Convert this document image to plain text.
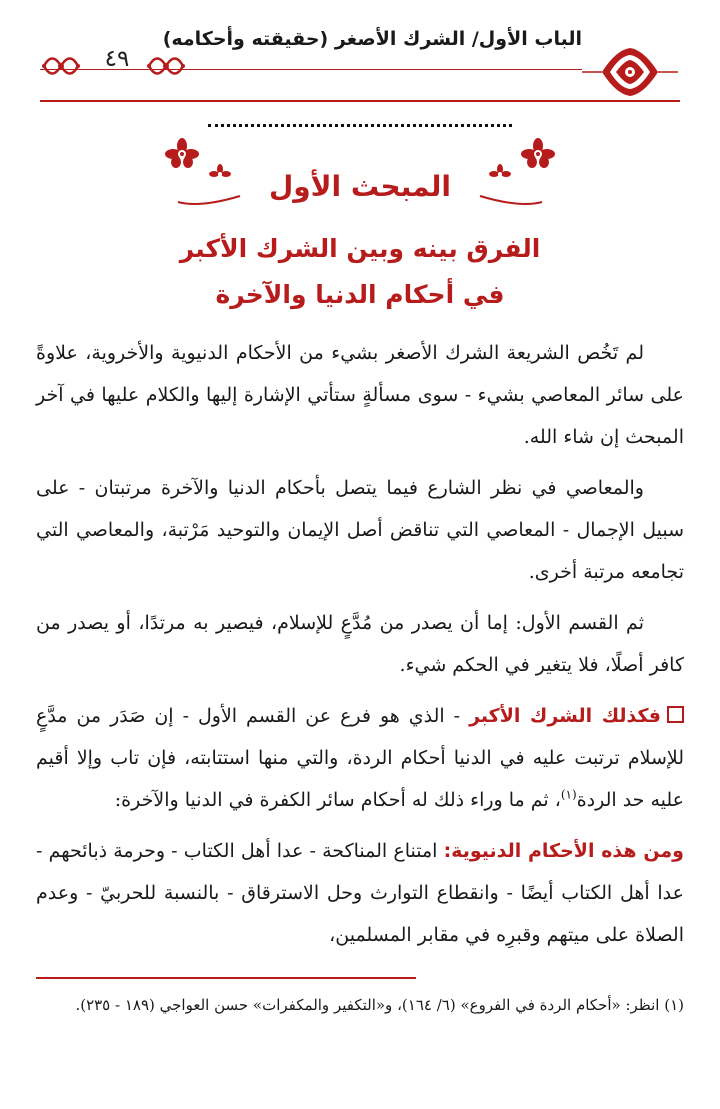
الباب الأول/ الشرك الأصغر (حقيقته وأحكامه)
٤٩
المبحث الأول
الفرق بينه وبين الشرك الأكبر
في أحكام الدنيا والآخرة

لم تَخُص الشريعة الشرك الأصغر بشيء من الأحكام الدنيوية والأخروية، علاوةً على سائر المعاصي بشيء - سوى مسألةٍ ستأتي الإشارة إليها والكلام عليها في آخر المبحث إن شاء الله.

والمعاصي في نظر الشارع فيما يتصل بأحكام الدنيا والآخرة مرتبتان - على سبيل الإجمال - المعاصي التي تناقض أصل الإيمان والتوحيد مَرْتبة، والمعاصي التي تجامعه مرتبة أخرى.

ثم القسم الأول: إما أن يصدر من مُدَّعٍ للإسلام، فيصير به مرتدًا، أو يصدر من كافر أصلًا، فلا يتغير في الحكم شيء.

فكذلك الشرك الأكبر - الذي هو فرع عن القسم الأول - إن صَدَر من مدَّعٍ للإسلام ترتبت عليه في الدنيا أحكام الردة، والتي منها استتابته، فإن تاب وإلا أقيم عليه حد الردة$^{(١)}$، ثم ما وراء ذلك له أحكام سائر الكفرة في الدنيا والآخرة:

ومن هذه الأحكام الدنيوية: امتناع المناكحة - عدا أهل الكتاب - وحرمة ذبائحهم - عدا أهل الكتاب أيضًا - وانقطاع التوارث وحل الاسترقاق - بالنسبة للحربيّ - وعدم الصلاة على ميتهم وقبرِه في مقابر المسلمين،

(١) انظر: «أحكام الردة في الفروع» (٦/ ١٦٤)، و«التكفير والمكفرات» حسن العواجي (١٨٩ - ٢٣٥).
